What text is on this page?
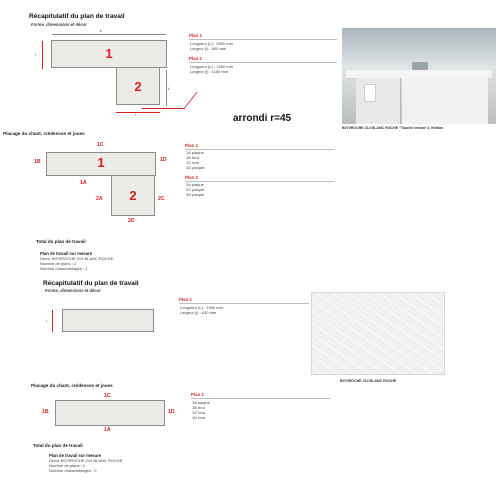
Récapitulatif du plan de travail
Forme, dimensions et décor
L
l	1
2	L
l
Plan 1
Longueur (L) : 2600 mm
Largeur (l) : 600 mm
Plan 2
Longueur (L) : 1550 mm
Largeur (l) : 1150 mm
arrondi r=45
B070ROCHE 214 BLANC ROCHE "Touché texturé 3, finition
Placage du chant, crédences et joues
1C
1B	1D
1A
2A	2C
2D
1
2
Plan 1
1A plaqué
1B brut
1C brut
1D plaqué
Plan 2
2A plaqué
2C plaqué
2D plaqué
Total du plan de travail
Plan de travail sur mesure
Décor B070ROCHE 214 BLANC ROCHE
Nombre de plans : 2
Nombre d'assemblages : 1
Récapitulatif du plan de travail
Forme, dimensions et décor
l
Plan 1
Longueur (L) : 1550 mm
Largeur (l) : 630 mm
B070ROCHE 214 BLANC ROCHE
Placage du chant, crédences et joues
1C
1B	1D
1A
Plan 1
1A plaqué
1B brut
1C brut
1D brut
Total du plan de travail
Plan de travail sur mesure
Décor B070ROCHE 214 BLANC ROCHE
Nombre de plans : 1
Nombre d'assemblages : 0
